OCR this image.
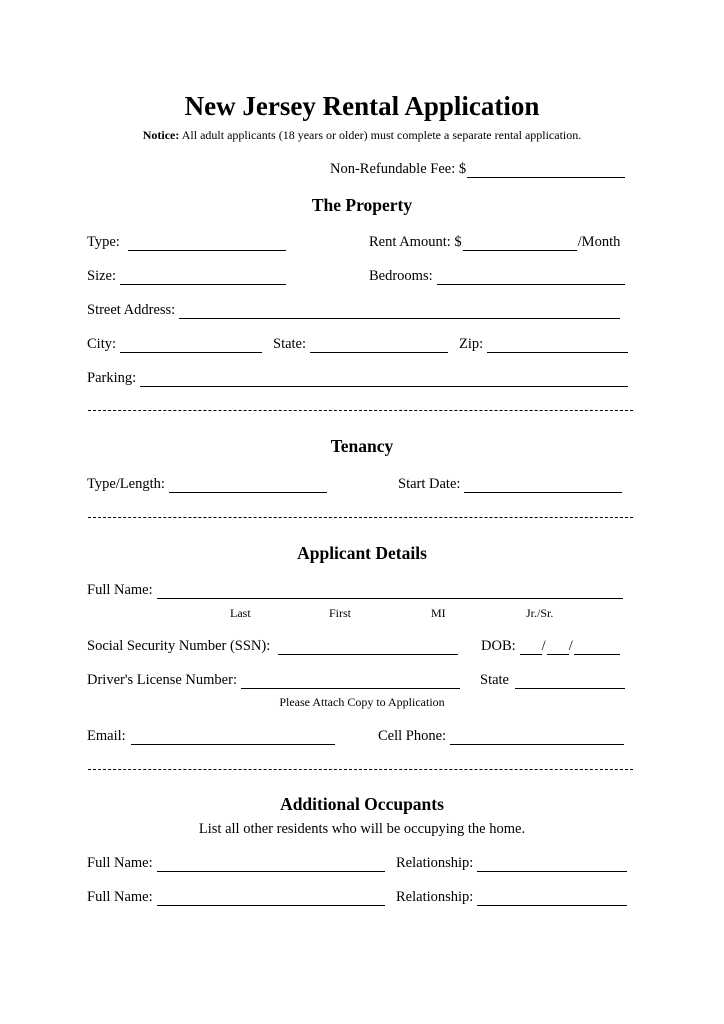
New Jersey Rental Application
Notice: All adult applicants (18 years or older) must complete a separate rental application.
Non-Refundable Fee: $
The Property
Type:	Rent Amount: $	/Month
Size:	Bedrooms:
Street Address:
City:	State:	Zip:
Parking:
Tenancy
Type/Length:	Start Date:
Applicant Details
Full Name:
Last	First	MI	Jr./Sr.
Social Security Number (SSN):	DOB: / /
Driver's License Number:	State
Please Attach Copy to Application
Email:	Cell Phone:
Additional Occupants
List all other residents who will be occupying the home.
Full Name:	Relationship:
Full Name:	Relationship:
